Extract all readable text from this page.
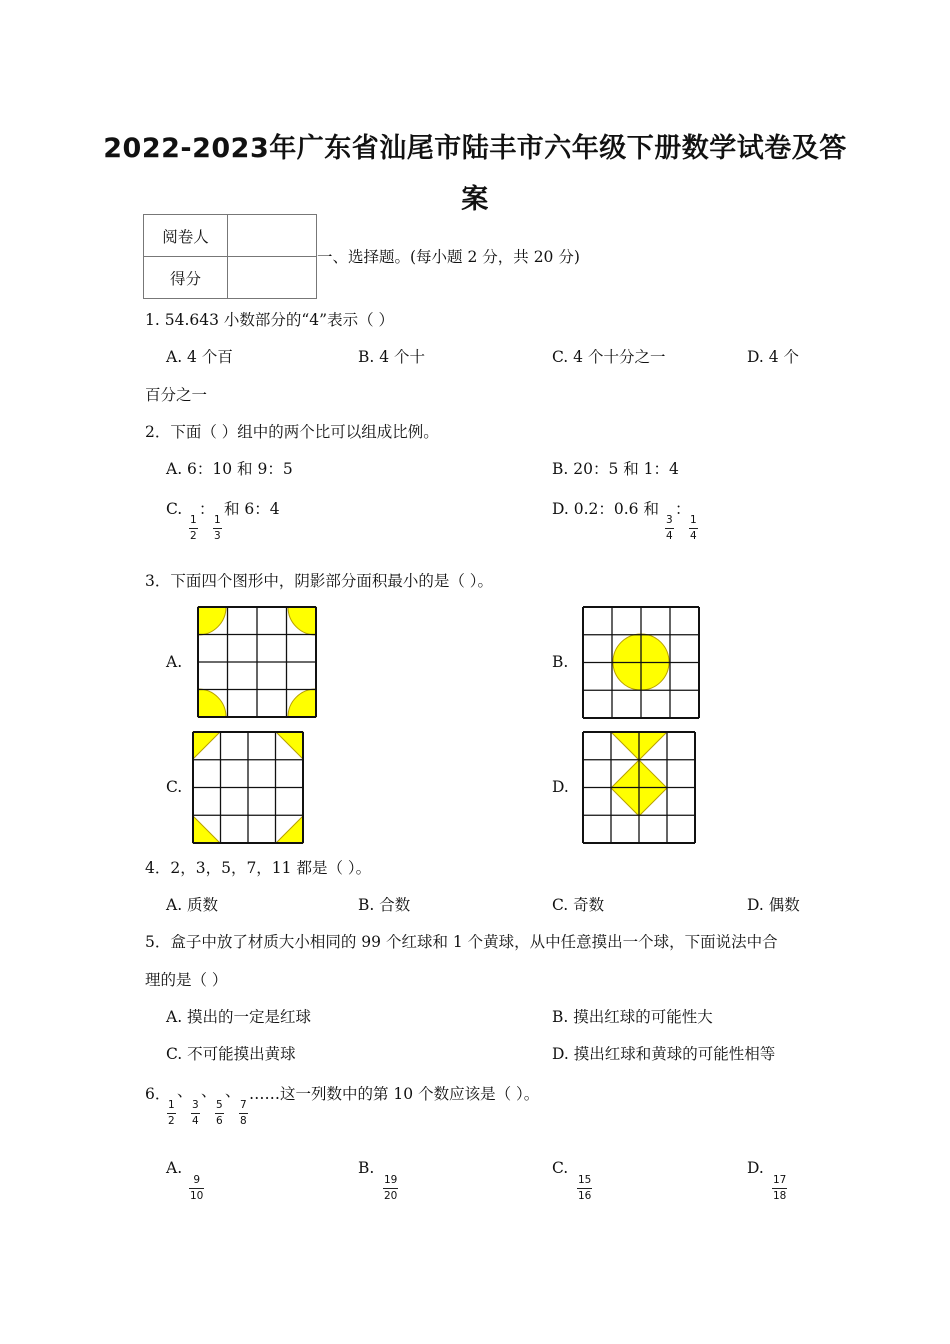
2022-2023年广东省汕尾市陆丰市六年级下册数学试卷及答
案
阅卷人	
得分	
一、选择题。(每小题 2 分，共 20 分)
1. 54.643 小数部分的“4”表示（ ）
A. 4 个百	B. 4 个十	C. 4 个十分之一	D. 4 个
百分之一
2．下面（ ）组中的两个比可以组成比例。
A. 6：10 和 9：5	B. 20：5 和 1：4
C.
$\frac{1}{2}$
：
$\frac{1}{3}$
和 6：4	D. 0.2：0.6 和
$\frac{3}{4}$
：
$\frac{1}{4}$
3．下面四个图形中，阴影部分面积最小的是（ ）。
A.	B.
C.	D.
4．2，3，5，7，11 都是（ ）。
A. 质数	B. 合数	C. 奇数	D. 偶数
5．盒子中放了材质大小相同的 99 个红球和 1 个黄球，从中任意摸出一个球，下面说法中合
理的是（ ）
A. 摸出的一定是红球	B. 摸出红球的可能性大
C. 不可能摸出黄球	D. 摸出红球和黄球的可能性相等
6．
$\frac{1}{2}$
、
$\frac{3}{4}$
、
$\frac{5}{6}$
、
$\frac{7}{8}$
……这一列数中的第 10 个数应该是（ ）。
A.
$\frac{9}{10}$
B.
$\frac{19}{20}$
C.
$\frac{15}{16}$
D.
$\frac{17}{18}$
